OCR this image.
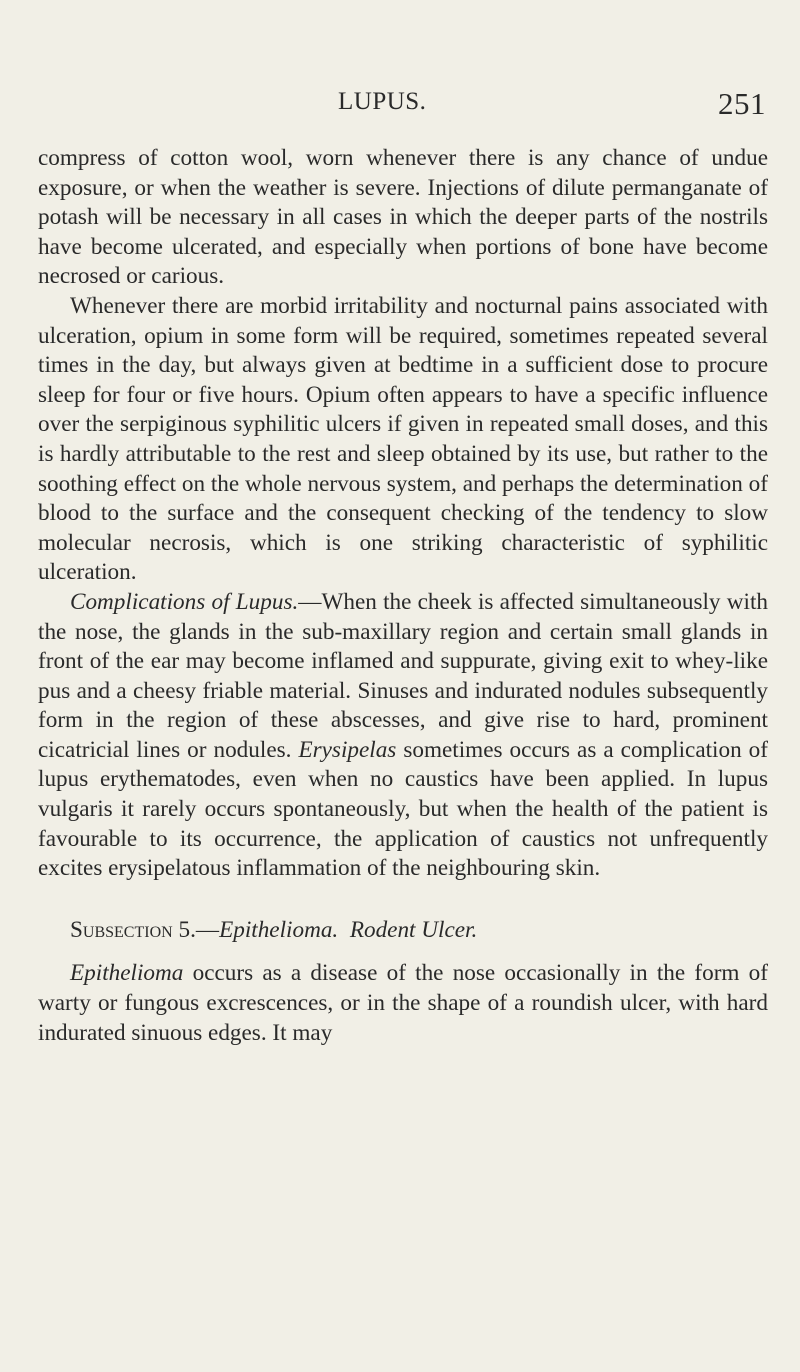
LUPUS.	251

compress of cotton wool, worn whenever there is any chance of undue exposure, or when the weather is severe. Injections of dilute permanganate of potash will be necessary in all cases in which the deeper parts of the nostrils have become ulcerated, and especially when portions of bone have become necrosed or carious.

Whenever there are morbid irritability and nocturnal pains associated with ulceration, opium in some form will be required, sometimes repeated several times in the day, but always given at bedtime in a sufficient dose to procure sleep for four or five hours. Opium often appears to have a specific influence over the serpiginous syphilitic ulcers if given in repeated small doses, and this is hardly attributable to the rest and sleep obtained by its use, but rather to the soothing effect on the whole nervous system, and perhaps the determination of blood to the surface and the consequent checking of the tendency to slow molecular necrosis, which is one striking characteristic of syphilitic ulceration.

Complications of Lupus.—When the cheek is affected simultaneously with the nose, the glands in the sub-maxillary region and certain small glands in front of the ear may become inflamed and suppurate, giving exit to whey-like pus and a cheesy friable material. Sinuses and indurated nodules subsequently form in the region of these abscesses, and give rise to hard, prominent cicatricial lines or nodules. Erysipelas sometimes occurs as a complication of lupus erythematodes, even when no caustics have been applied. In lupus vulgaris it rarely occurs spontaneously, but when the health of the patient is favourable to its occurrence, the application of caustics not unfrequently excites erysipelatous inflammation of the neighbouring skin.

Subsection 5.—Epithelioma. Rodent Ulcer.

Epithelioma occurs as a disease of the nose occasionally in the form of warty or fungous excrescences, or in the shape of a roundish ulcer, with hard indurated sinuous edges. It may
